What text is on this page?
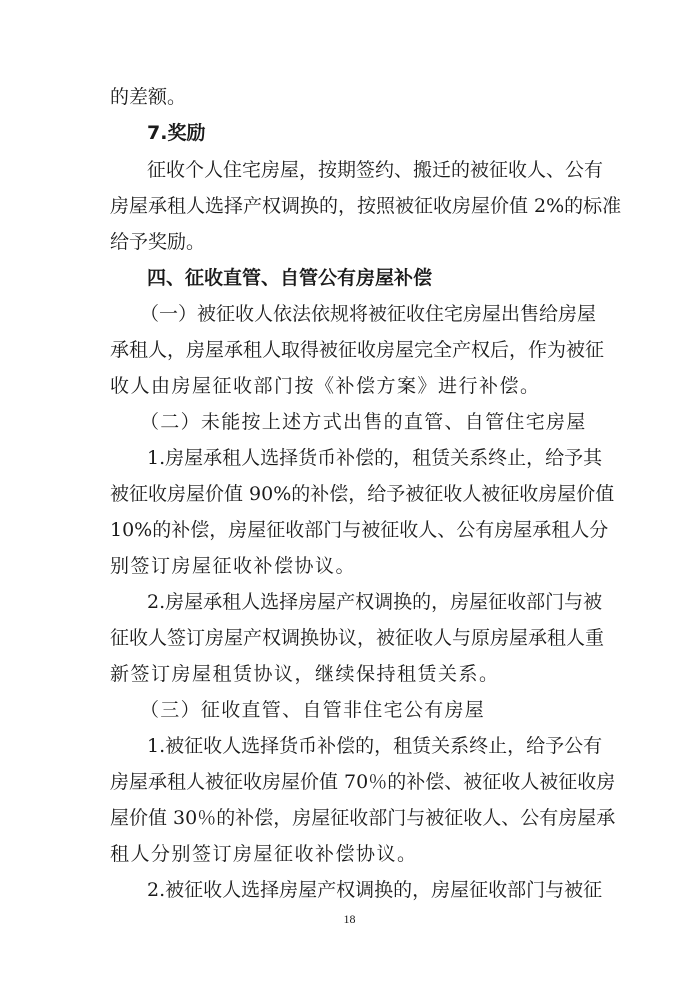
的差额。
7.奖励
征收个人住宅房屋，按期签约、搬迁的被征收人、公有
房屋承租人选择产权调换的，按照被征收房屋价值 2%的标准
给予奖励。
四、征收直管、自管公有房屋补偿
（一）被征收人依法依规将被征收住宅房屋出售给房屋
承租人，房屋承租人取得被征收房屋完全产权后，作为被征
收人由房屋征收部门按《补偿方案》进行补偿。
（二）未能按上述方式出售的直管、自管住宅房屋
1.房屋承租人选择货币补偿的，租赁关系终止，给予其
被征收房屋价值 90%的补偿，给予被征收人被征收房屋价值
10%的补偿，房屋征收部门与被征收人、公有房屋承租人分
别签订房屋征收补偿协议。
2.房屋承租人选择房屋产权调换的，房屋征收部门与被
征收人签订房屋产权调换协议，被征收人与原房屋承租人重
新签订房屋租赁协议，继续保持租赁关系。
（三）征收直管、自管非住宅公有房屋
1.被征收人选择货币补偿的，租赁关系终止，给予公有
房屋承租人被征收房屋价值 70％的补偿、被征收人被征收房
屋价值 30％的补偿，房屋征收部门与被征收人、公有房屋承
租人分别签订房屋征收补偿协议。
2.被征收人选择房屋产权调换的，房屋征收部门与被征
18
